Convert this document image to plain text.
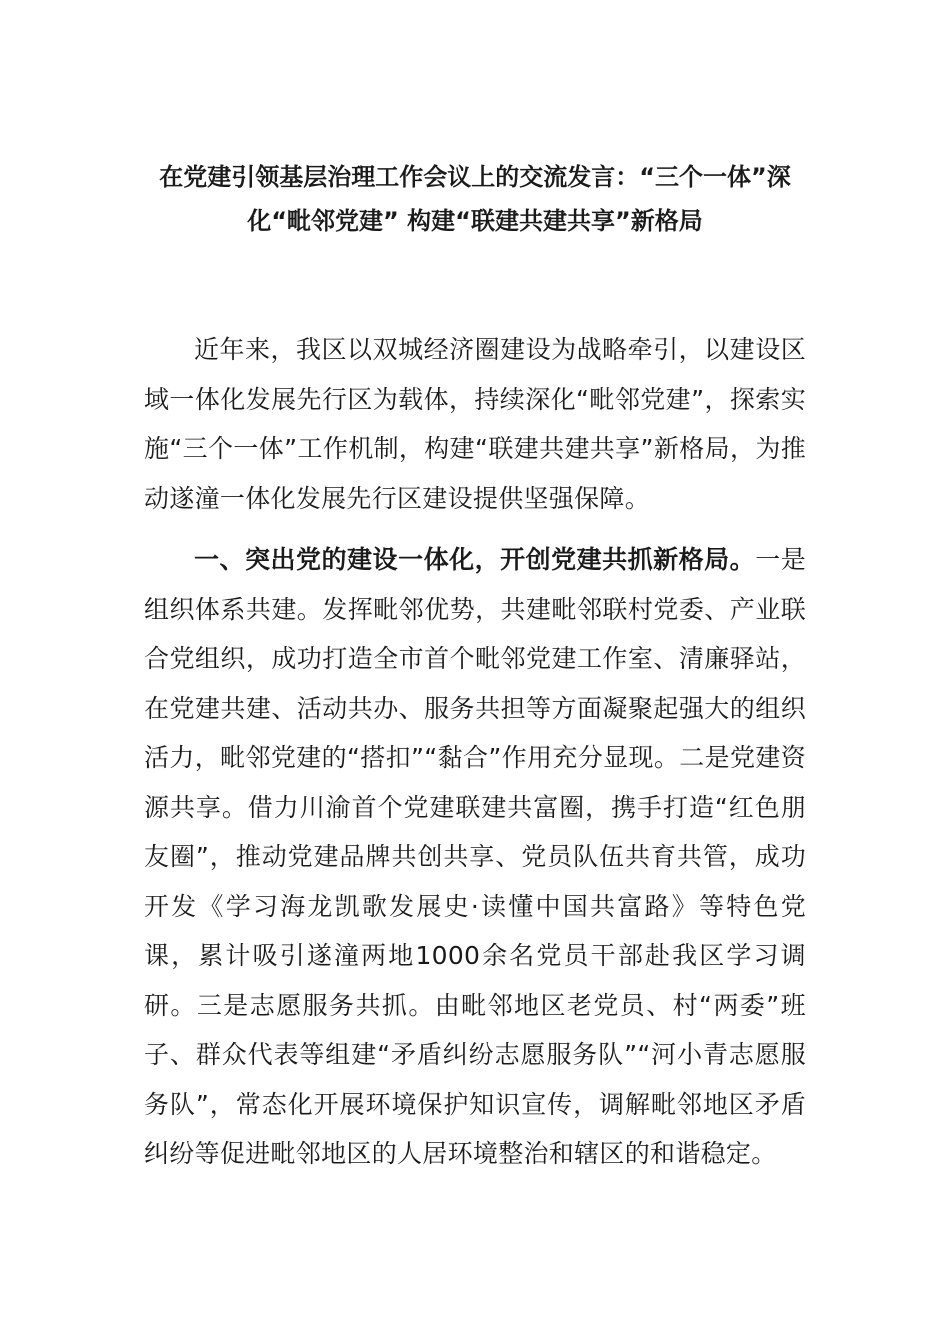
在党建引领基层治理工作会议上的交流发言：“三个一体”深
化“毗邻党建” 构建“联建共建共享”新格局

近年来，我区以双城经济圈建设为战略牵引，以建设区域一体化发展先行区为载体，持续深化“毗邻党建”，探索实施“三个一体”工作机制，构建“联建共建共享”新格局，为推动遂潼一体化发展先行区建设提供坚强保障。

一、突出党的建设一体化，开创党建共抓新格局。一是组织体系共建。发挥毗邻优势，共建毗邻联村党委、产业联合党组织，成功打造全市首个毗邻党建工作室、清廉驿站，在党建共建、活动共办、服务共担等方面凝聚起强大的组织活力，毗邻党建的“搭扣”“黏合”作用充分显现。二是党建资源共享。借力川渝首个党建联建共富圈，携手打造“红色朋友圈”，推动党建品牌共创共享、党员队伍共育共管，成功开发《学习海龙凯歌发展史·读懂中国共富路》等特色党课，累计吸引遂潼两地1000余名党员干部赴我区学习调研。三是志愿服务共抓。由毗邻地区老党员、村“两委”班子、群众代表等组建“矛盾纠纷志愿服务队”“河小青志愿服务队”，常态化开展环境保护知识宣传，调解毗邻地区矛盾纠纷等促进毗邻地区的人居环境整治和辖区的和谐稳定。
